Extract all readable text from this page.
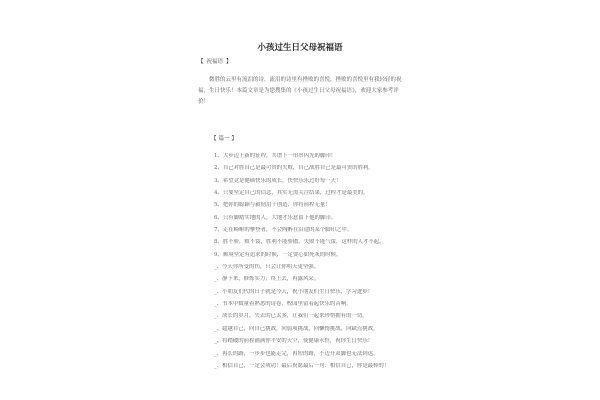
小孩过生日父母祝福语
【 祝福语 】

微胜的云里有流泪的诗，流泪的诗里有挫败的喜悦，挫败的喜悦里有我轻轻的祝福，生日快乐！本篇文章是为您搜集的《小孩过生日父母祝福语》，欢迎大家参考评价！

【 篇一 】
1、大步迈上新的征程，共谱下一串串闪光的脚印！
2、自己对胜自己是最可贵的失败，自己战胜自己是最可贵的胜利。
3、希望竟是健硕快乐的成长，快快乐乐过好每一天！
4、只要坚定自己的信念，其实无需关注结果，过程才是最美的。
5、把你的聪颖与毅韧用于创造，你将前程无量！
6、只有脚踏实地的人，大地才乐意留下他的脚印。
7、走在崎岖的攀登者，不会陶醉在沿途的某个脚印之中。
8、胜不骄，败不馁，胜利不能骄傲，失败不能气馁，这样的人才不起。
9、顺境坚定有追求的时候，一定要心如死灰的时候。
_、今天你所受的伤，只会让你明天更坚强。
_、静下来，修炼实力；终上去，再露风采。
_、小朋友们代的日子就是今天，祝小朋友们生日快乐，学习进步！
_、书本中数量着熟悉的诗卷，校园里留着起快乐的音响。
_、成长的岁月，失去的已太多，让我们一起来珍惜拥有的一切。
_、超越自己，向自己挑战，向弱项挑战，向懒惰挑战，向缺点挑战。
_、将踏破的前程铺满你平安的天空，使健康永恒，祝你生日快乐！
_、再长的路，一步步也能走完，再短的路，不迈开双脚也无法到达。
_、相信自己，一定会成功！最后祝愿最后一句：相信自己，你是最棒的！
